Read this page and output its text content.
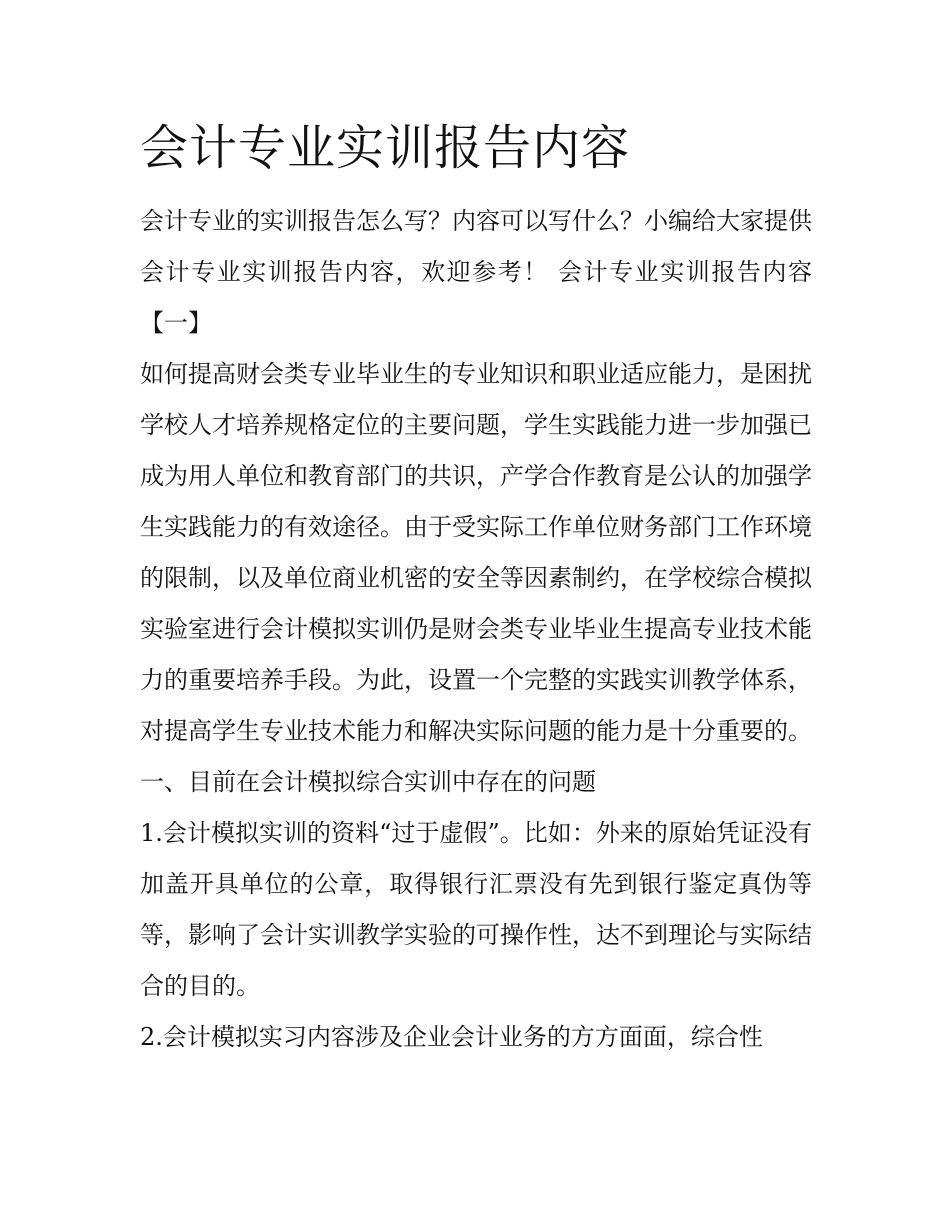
会计专业实训报告内容

会计专业的实训报告怎么写？内容可以写什么？小编给大家提供会计专业实训报告内容，欢迎参考！ 会计专业实训报告内容【一】

如何提高财会类专业毕业生的专业知识和职业适应能力，是困扰学校人才培养规格定位的主要问题，学生实践能力进一步加强已成为用人单位和教育部门的共识，产学合作教育是公认的加强学生实践能力的有效途径。由于受实际工作单位财务部门工作环境的限制，以及单位商业机密的安全等因素制约，在学校综合模拟实验室进行会计模拟实训仍是财会类专业毕业生提高专业技术能力的重要培养手段。为此，设置一个完整的实践实训教学体系，对提高学生专业技术能力和解决实际问题的能力是十分重要的。

一、目前在会计模拟综合实训中存在的问题

1.会计模拟实训的资料“过于虚假”。比如：外来的原始凭证没有加盖开具单位的公章，取得银行汇票没有先到银行鉴定真伪等等，影响了会计实训教学实验的可操作性，达不到理论与实际结合的目的。

2.会计模拟实习内容涉及企业会计业务的方方面面，综合性
